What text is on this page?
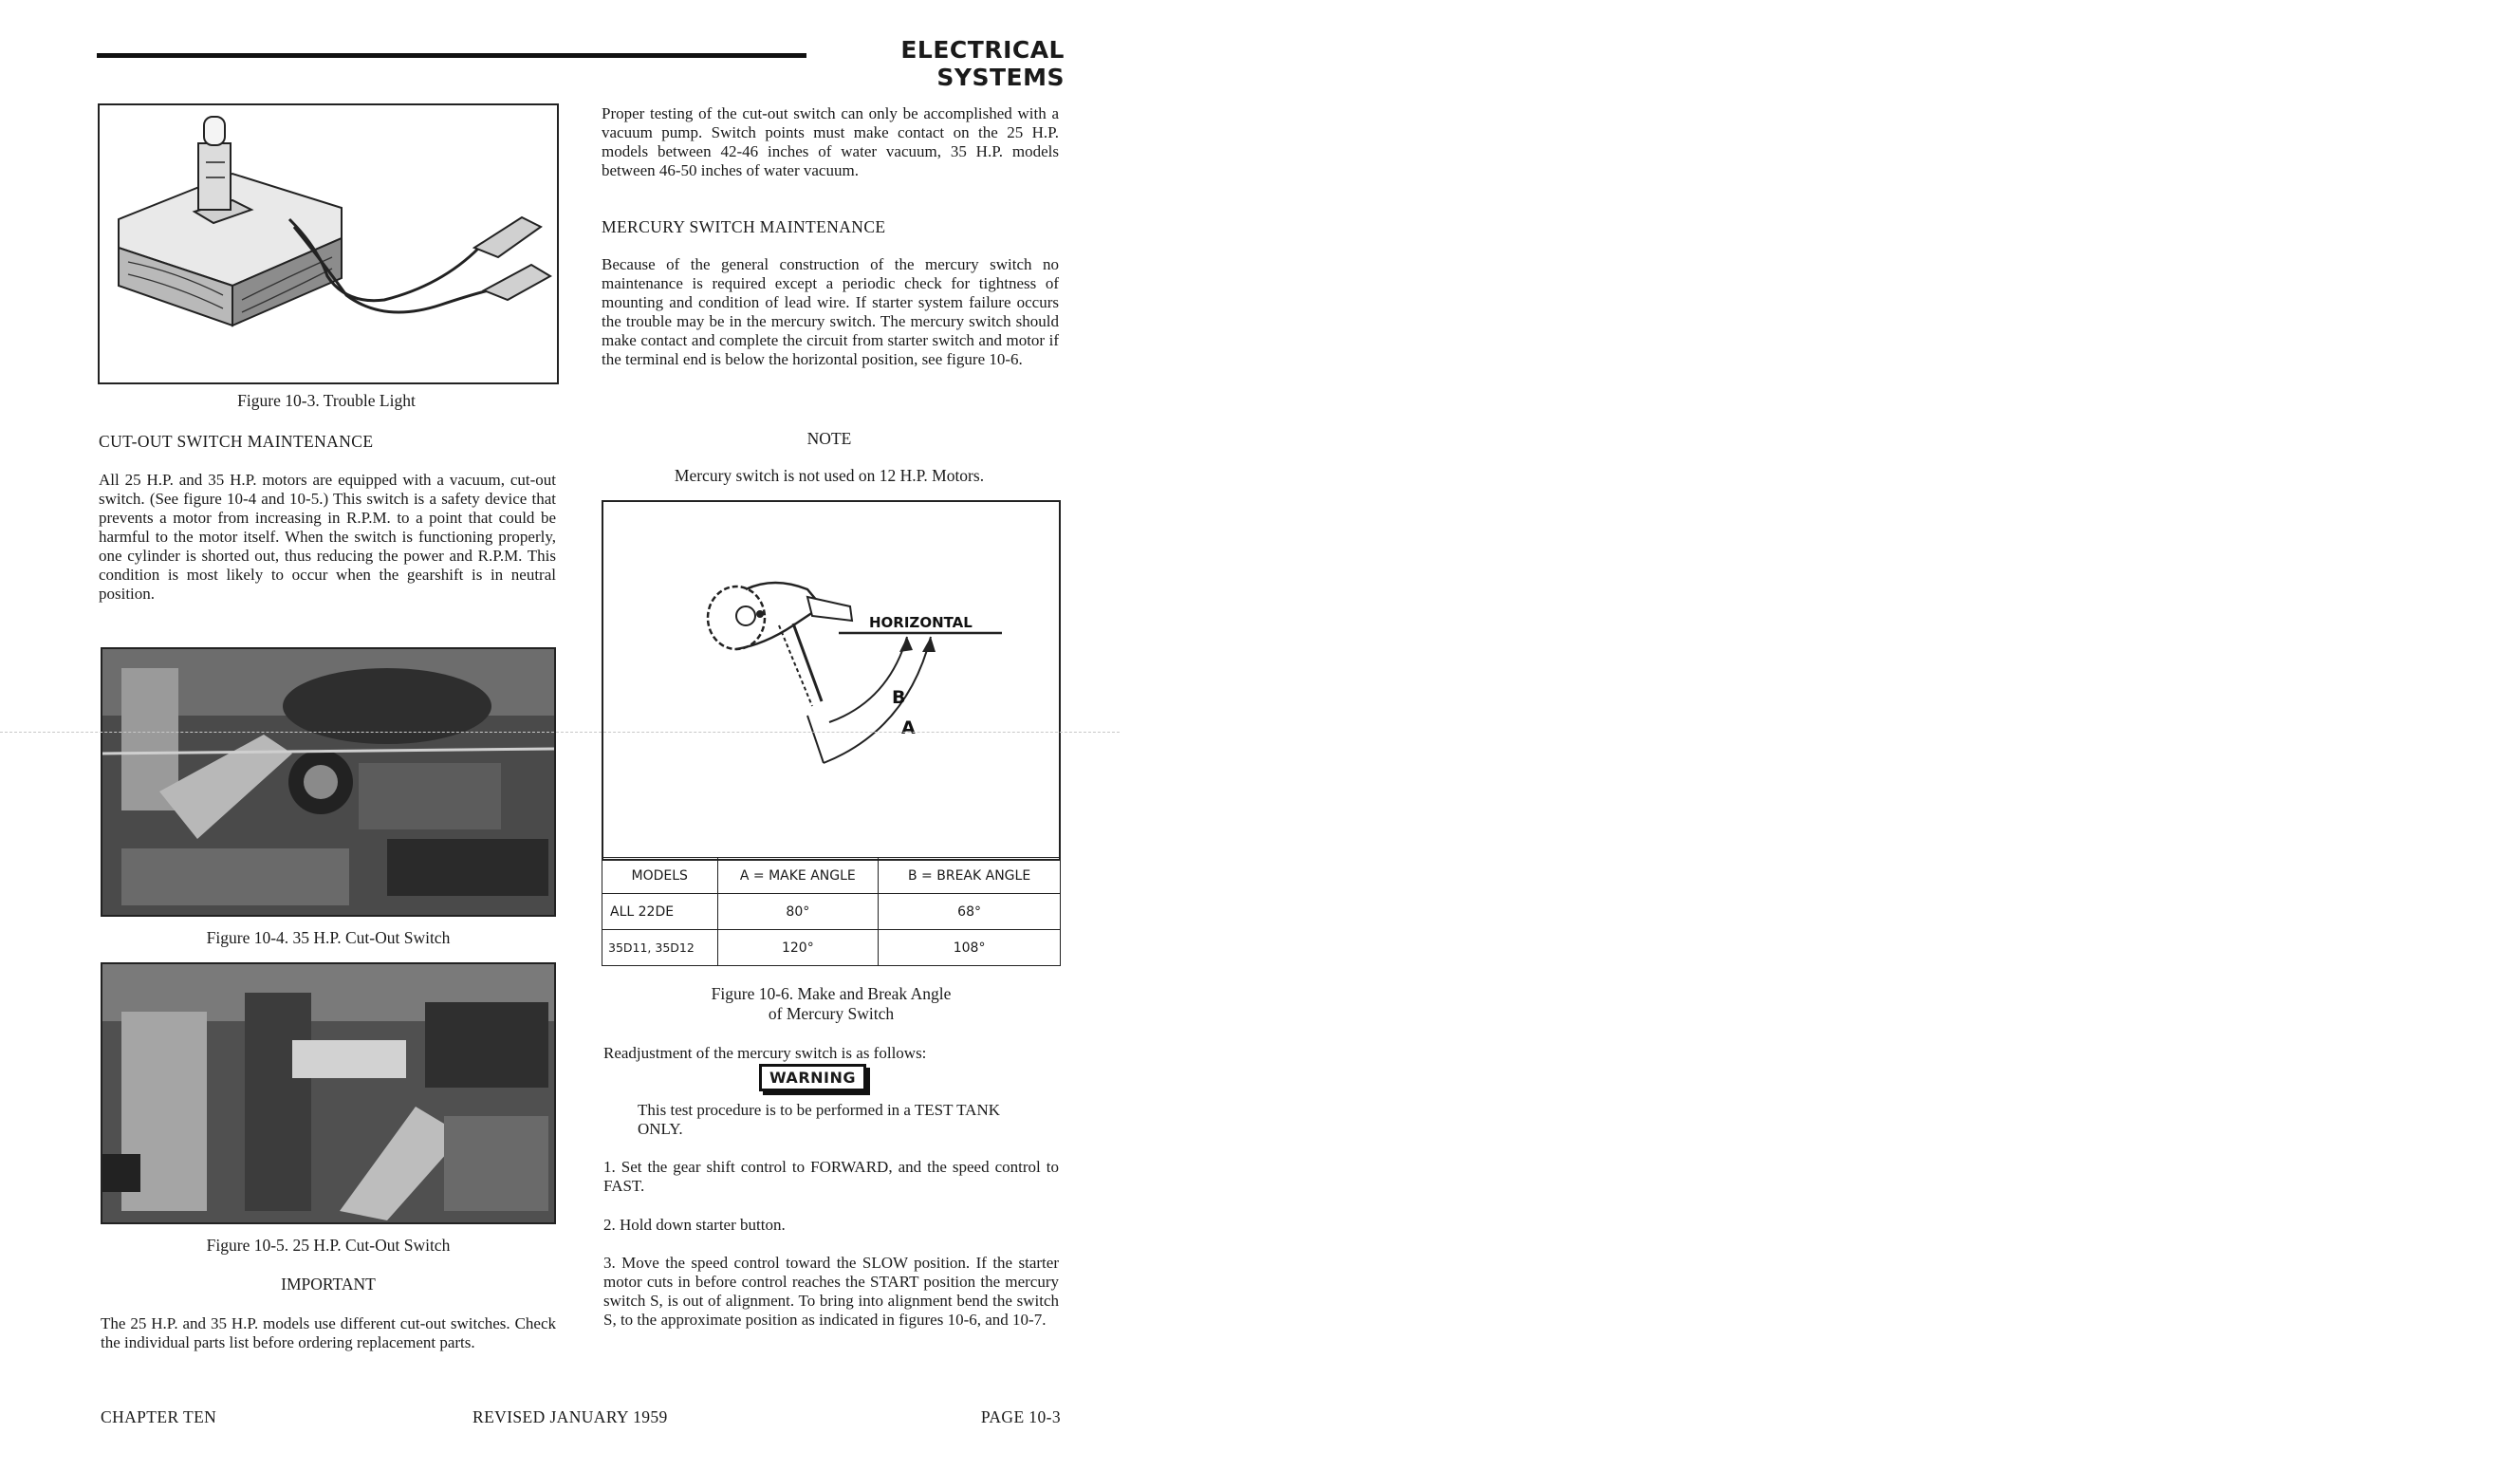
ELECTRICAL SYSTEMS
Figure 10-3. Trouble Light
CUT-OUT SWITCH MAINTENANCE
All 25 H.P. and 35 H.P. motors are equipped with a vacuum, cut-out switch. (See figure 10-4 and 10-5.) This switch is a safety device that prevents a motor from increasing in R.P.M. to a point that could be harmful to the motor itself. When the switch is functioning properly, one cylinder is shorted out, thus reducing the power and R.P.M. This condition is most likely to occur when the gearshift is in neutral position.
Figure 10-4. 35 H.P. Cut-Out Switch
Figure 10-5. 25 H.P. Cut-Out Switch
IMPORTANT
The 25 H.P. and 35 H.P. models use different cut-out switches. Check the individual parts list before ordering replacement parts.
Proper testing of the cut-out switch can only be accomplished with a vacuum pump. Switch points must make contact on the 25 H.P. models between 42-46 inches of water vacuum, 35 H.P. models between 46-50 inches of water vacuum.
MERCURY SWITCH MAINTENANCE
Because of the general construction of the mercury switch no maintenance is required except a periodic check for tightness of mounting and condition of lead wire. If starter system failure occurs the trouble may be in the mercury switch. The mercury switch should make contact and complete the circuit from starter switch and motor if the terminal end is below the horizontal position, see figure 10-6.
NOTE
Mercury switch is not used on 12 H.P. Motors.
HORIZONTAL
B
A
MODELS	A = MAKE ANGLE	B = BREAK ANGLE
ALL 22DE	80°	68°
35D11, 35D12	120°	108°
Figure 10-6. Make and Break Angle
of Mercury Switch
Readjustment of the mercury switch is as follows:
WARNING
This test procedure is to be performed in a TEST TANK ONLY.
1. Set the gear shift control to FORWARD, and the speed control to FAST.
2. Hold down starter button.
3. Move the speed control toward the SLOW position. If the starter motor cuts in before control reaches the START position the mercury switch S, is out of alignment. To bring into alignment bend the switch S, to the approximate position as indicated in figures 10-6, and 10-7.
CHAPTER TEN	REVISED JANUARY 1959	PAGE 10-3
